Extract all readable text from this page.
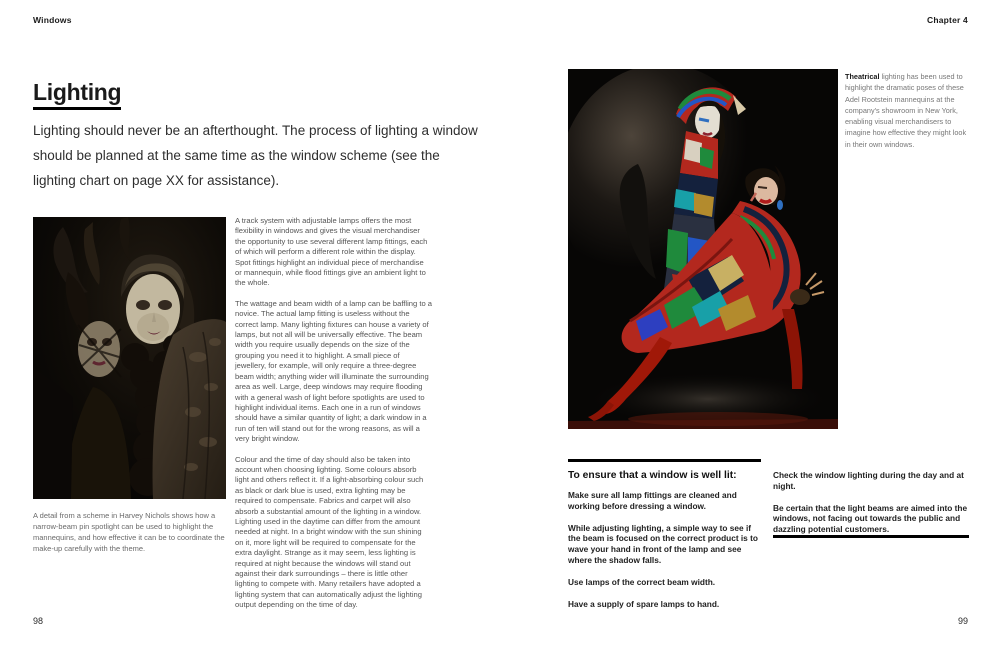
Windows	Chapter 4
Lighting
Lighting should never be an afterthought. The process of lighting a window should be planned at the same time as the window scheme (see the lighting chart on page XX for assistance).
A detail from a scheme in Harvey Nichols shows how a narrow-beam pin spotlight can be used to highlight the mannequins, and how effective it can be to coordinate the make-up carefully with the theme.

A track system with adjustable lamps offers the most flexibility in windows and gives the visual merchandiser the opportunity to use several different lamp fittings, each of which will perform a different role within the display. Spot fittings highlight an individual piece of merchandise or mannequin, while flood fittings give an ambient light to the whole.

The wattage and beam width of a lamp can be baffling to a novice. The actual lamp fitting is useless without the correct lamp. Many lighting fixtures can house a variety of lamps, but not all will be universally effective. The beam width you require usually depends on the size of the grouping you need it to highlight. A small piece of jewellery, for example, will only require a three-degree beam width; anything wider will illuminate the surrounding area as well. Large, deep windows may require flooding with a general wash of light before spotlights are used to highlight individual items. Each one in a run of windows should have a similar quantity of light; a dark window in a run of ten will stand out for the wrong reasons, as will a very bright window.

Colour and the time of day should also be taken into account when choosing lighting. Some colours absorb light and others reflect it. If a light-absorbing colour such as black or dark blue is used, extra lighting may be required to compensate. Fabrics and carpet will also absorb a substantial amount of the lighting in a window. Lighting used in the daytime can differ from the amount needed at night. In a bright window with the sun shining on it, more light will be required to compensate for the extra daylight. Strange as it may seem, less lighting is required at night because the windows will stand out against their dark surroundings – there is little other lighting to compete with. Many retailers have adopted a lighting system that can automatically adjust the lighting output depending on the time of day.

Theatrical lighting has been used to highlight the dramatic poses of these Adel Rootstein mannequins at the company's showroom in New York, enabling visual merchandisers to imagine how effective they might look in their own windows.
To ensure that a window is well lit:

Make sure all lamp fittings are cleaned and working before dressing a window.

While adjusting lighting, a simple way to see if the beam is focused on the correct product is to wave your hand in front of the lamp and see where the shadow falls.

Use lamps of the correct beam width.

Have a supply of spare lamps to hand.

Check the window lighting during the day and at night.

Be certain that the light beams are aimed into the windows, not facing out towards the public and dazzling potential customers.

98	99
